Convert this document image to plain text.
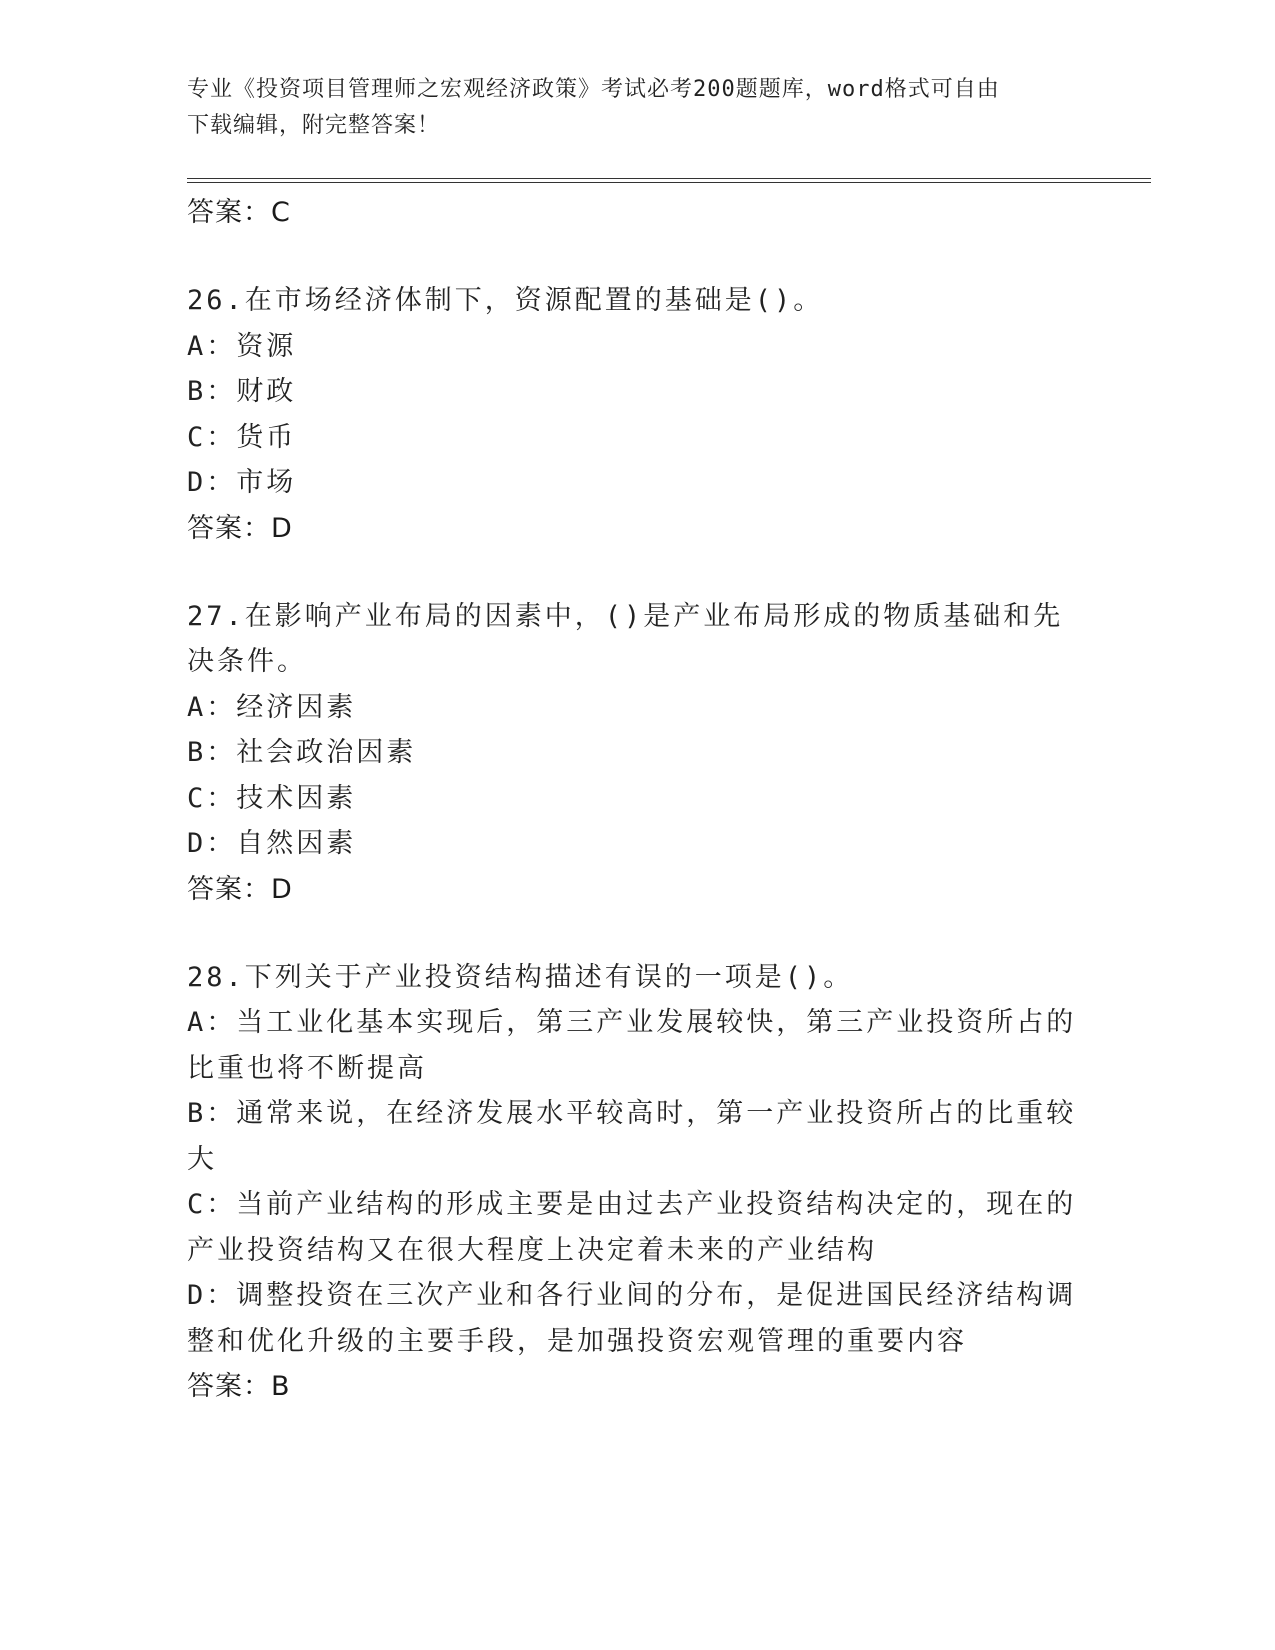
专业《投资项目管理师之宏观经济政策》考试必考200题题库，word格式可自由
下载编辑，附完整答案！
答案：C
26.在市场经济体制下，资源配置的基础是()。
A：资源
B：财政
C：货币
D：市场
答案：D
27.在影响产业布局的因素中，()是产业布局形成的物质基础和先决条件。
A：经济因素
B：社会政治因素
C：技术因素
D：自然因素
答案：D
28.下列关于产业投资结构描述有误的一项是()。
A：当工业化基本实现后，第三产业发展较快，第三产业投资所占的比重也将不断提高
B：通常来说，在经济发展水平较高时，第一产业投资所占的比重较大
C：当前产业结构的形成主要是由过去产业投资结构决定的，现在的产业投资结构又在很大程度上决定着未来的产业结构
D：调整投资在三次产业和各行业间的分布，是促进国民经济结构调整和优化升级的主要手段，是加强投资宏观管理的重要内容
答案：B
